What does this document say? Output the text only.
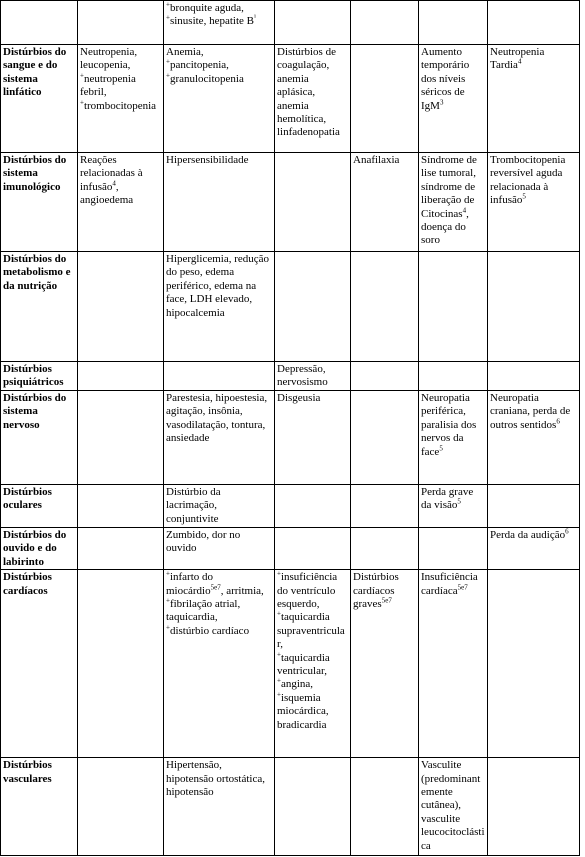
		+bronquite aguda,
+sinusite, hepatite $B^{^1}$

Distúrbios do sangue e do sistema linfático	Neutropenia,
leucopenia,
+neutropenia febril,
+trombocitopenia	Anemia,
+pancitopenia,
+granulocitopenia	Distúrbios de coagulação, anemia aplásica, anemia hemolítica,
linfadenopatia		Aumento temporário dos níveis séricos de IgM$^3$	Neutropenia Tardia$^4$

Distúrbios do sistema imunológico	Reações relacionadas à infusão$^4$,
angioedema	Hipersensibilidade		Anafilaxia	Síndrome de lise tumoral, síndrome de liberação de Citocinas$^4$,
doença do soro	Trombocitopenia reversível aguda relacionada à infusão$^5$

Distúrbios do metabolismo e da nutrição		Hiperglicemia, redução do peso, edema periférico, edema na face, LDH elevado, hipocalcemia				

Distúrbios psiquiátricos			Depressão, nervosismo			

Distúrbios do sistema nervoso		Parestesia, hipoestesia, agitação, insônia, vasodilatação, tontura, ansiedade	Disgeusia		Neuropatia periférica, paralisia dos nervos da face$^5$	Neuropatia craniana, perda de outros sentidos$^6$

Distúrbios oculares		Distúrbio da lacrimação, conjuntivite			Perda grave da visão$^5$

Distúrbios do ouvido e do labirinto		Zumbido, dor no ouvido				Perda da audição$^6$

Distúrbios cardíacos		+infarto do miocárdio$^{5e7}$, arritmia,
+fibrilação atrial, taquicardia,
+distúrbio cardíaco	+insuficiência do ventrículo esquerdo,
+taquicardia supraventricular,
+taquicardia ventricular,
+angina,
+isquemia miocárdica, bradicardia	Distúrbios cardíacos graves$^{5e7}$	Insuficiência cardíaca$^{5e7}$

Distúrbios vasculares		Hipertensão, hipotensão ortostática, hipotensão			Vasculite (predominantemente cutânea), vasculite leucocitoclástica	
